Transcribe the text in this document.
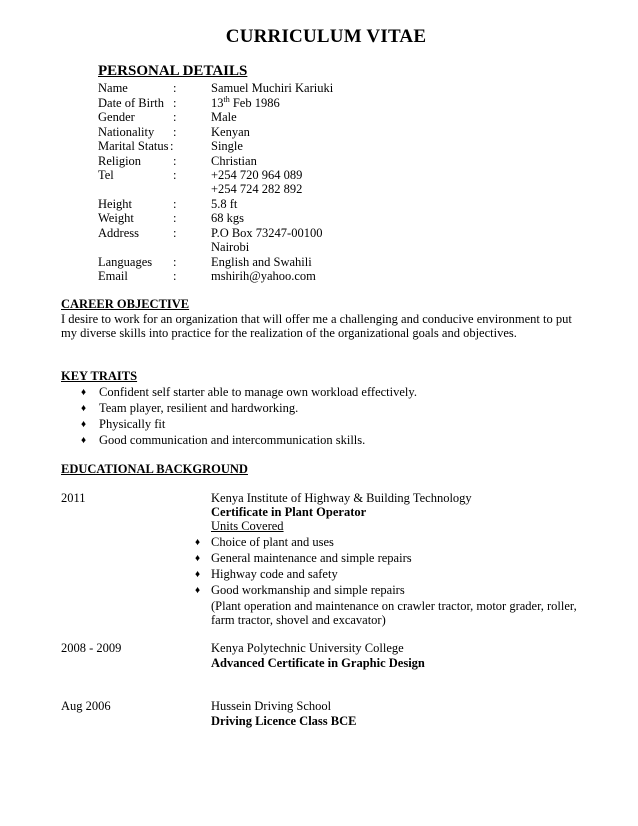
CURRICULUM VITAE
PERSONAL DETAILS
Name	:	Samuel Muchiri Kariuki
Date of Birth :	13th Feb 1986
Gender	:	Male
Nationality :	Kenyan
Marital Status :	Single
Religion	:	Christian
Tel	:	+254 720 964 089
+254 724 282 892
Height	:	5.8 ft
Weight	:	68 kgs
Address	:	P.O Box 73247-00100
Nairobi
Languages :	English and Swahili
Email	:	mshirih@yahoo.com
CAREER OBJECTIVE
I desire to work for an organization that will offer me a challenging and conducive environment to put
my diverse skills into practice for the realization of the organizational goals and objectives.
KEY TRAITS
♦ Confident self starter able to manage own workload effectively.
♦ Team player, resilient and hardworking.
♦ Physically fit
♦ Good communication and intercommunication skills.
EDUCATIONAL BACKGROUND
2011	Kenya Institute of Highway & Building Technology
Certificate in Plant Operator
Units Covered
♦ Choice of plant and uses
♦ General maintenance and simple repairs
♦ Highway code and safety
♦ Good workmanship and simple repairs
(Plant operation and maintenance on crawler tractor, motor grader, roller,
farm tractor, shovel and excavator)
2008 - 2009	Kenya Polytechnic University College
Advanced Certificate in Graphic Design
Aug 2006	Hussein Driving School
Driving Licence Class BCE
